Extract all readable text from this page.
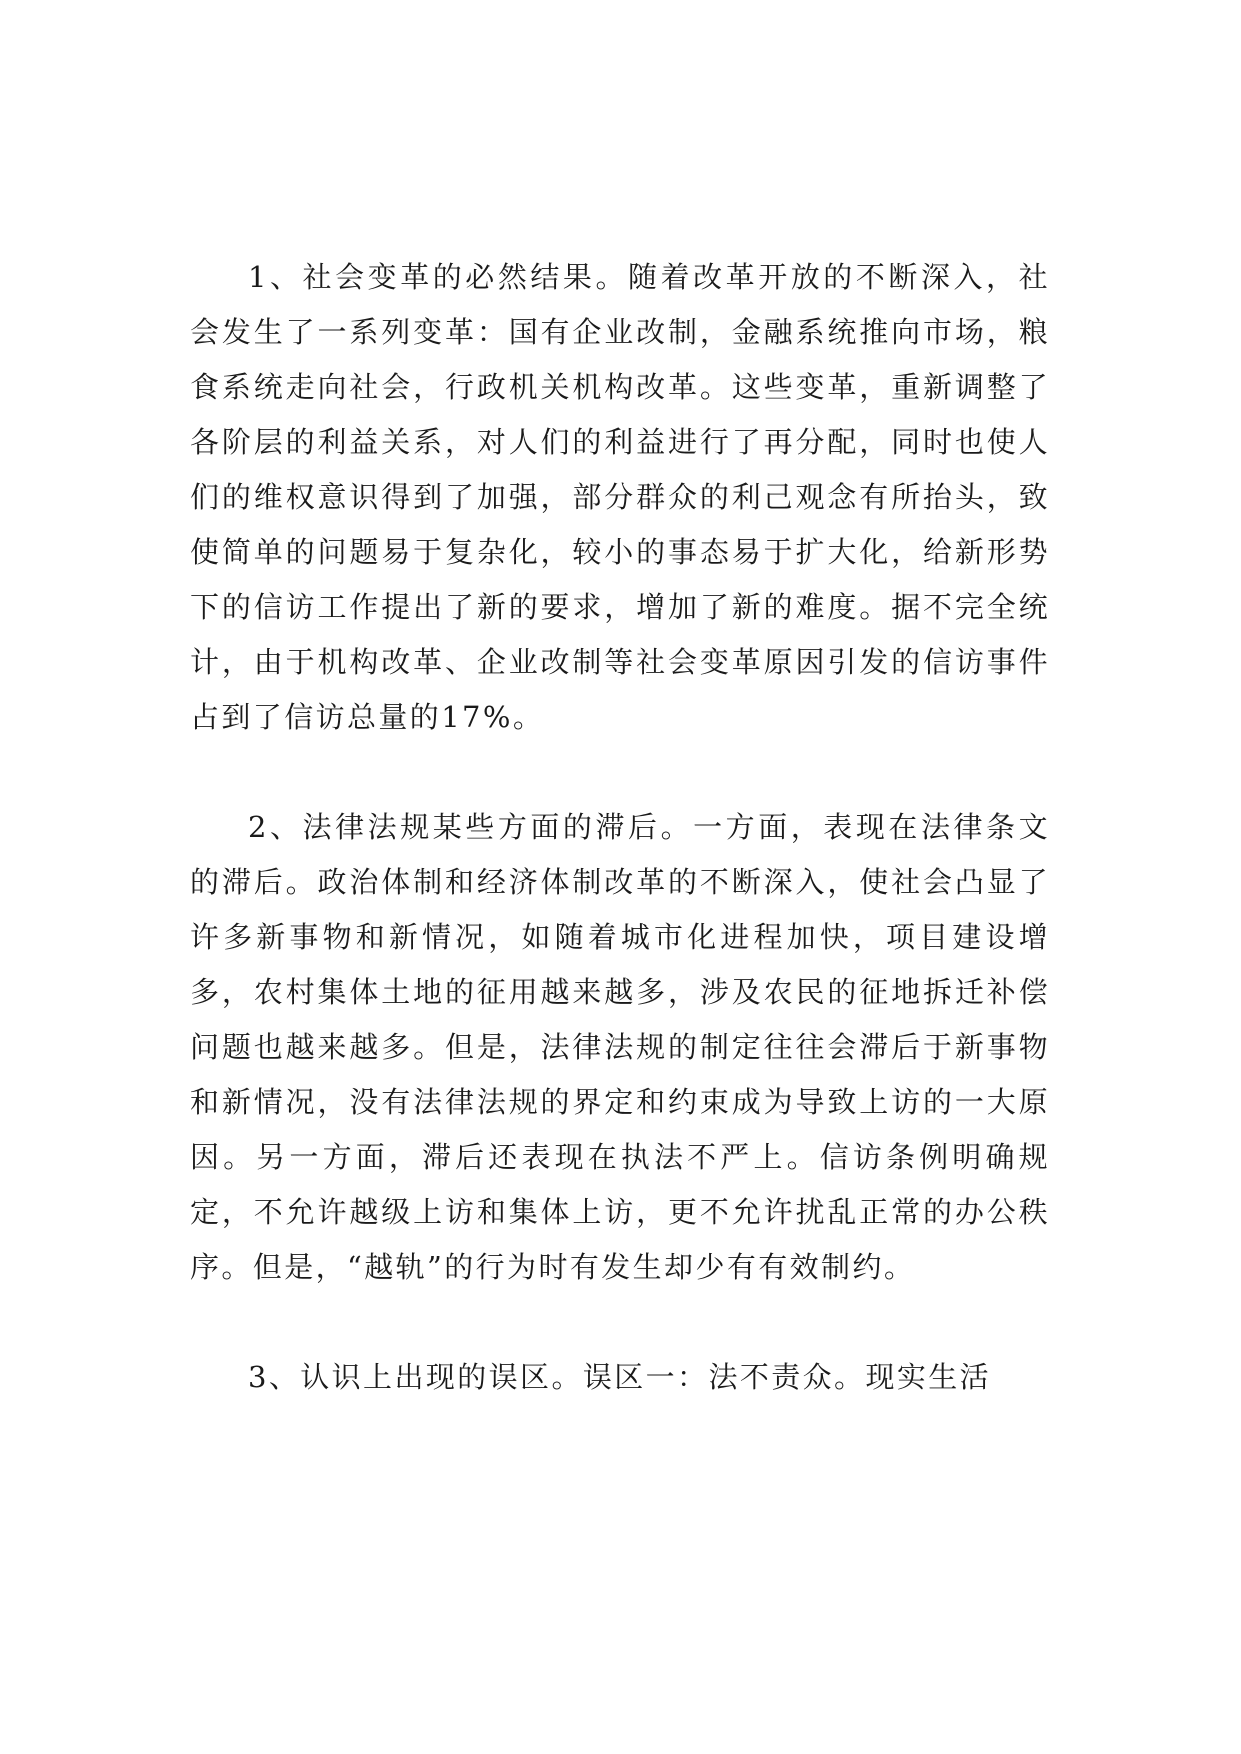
1、社会变革的必然结果。随着改革开放的不断深入，社会发生了一系列变革：国有企业改制，金融系统推向市场，粮食系统走向社会，行政机关机构改革。这些变革，重新调整了各阶层的利益关系，对人们的利益进行了再分配，同时也使人们的维权意识得到了加强，部分群众的利己观念有所抬头，致使简单的问题易于复杂化，较小的事态易于扩大化，给新形势下的信访工作提出了新的要求，增加了新的难度。据不完全统计，由于机构改革、企业改制等社会变革原因引发的信访事件占到了信访总量的17%。

2、法律法规某些方面的滞后。一方面，表现在法律条文的滞后。政治体制和经济体制改革的不断深入，使社会凸显了许多新事物和新情况，如随着城市化进程加快，项目建设增多，农村集体土地的征用越来越多，涉及农民的征地拆迁补偿问题也越来越多。但是，法律法规的制定往往会滞后于新事物和新情况，没有法律法规的界定和约束成为导致上访的一大原因。另一方面，滞后还表现在执法不严上。信访条例明确规定，不允许越级上访和集体上访，更不允许扰乱正常的办公秩序。但是，“越轨”的行为时有发生却少有有效制约。

3、认识上出现的误区。误区一：法不责众。现实生活
